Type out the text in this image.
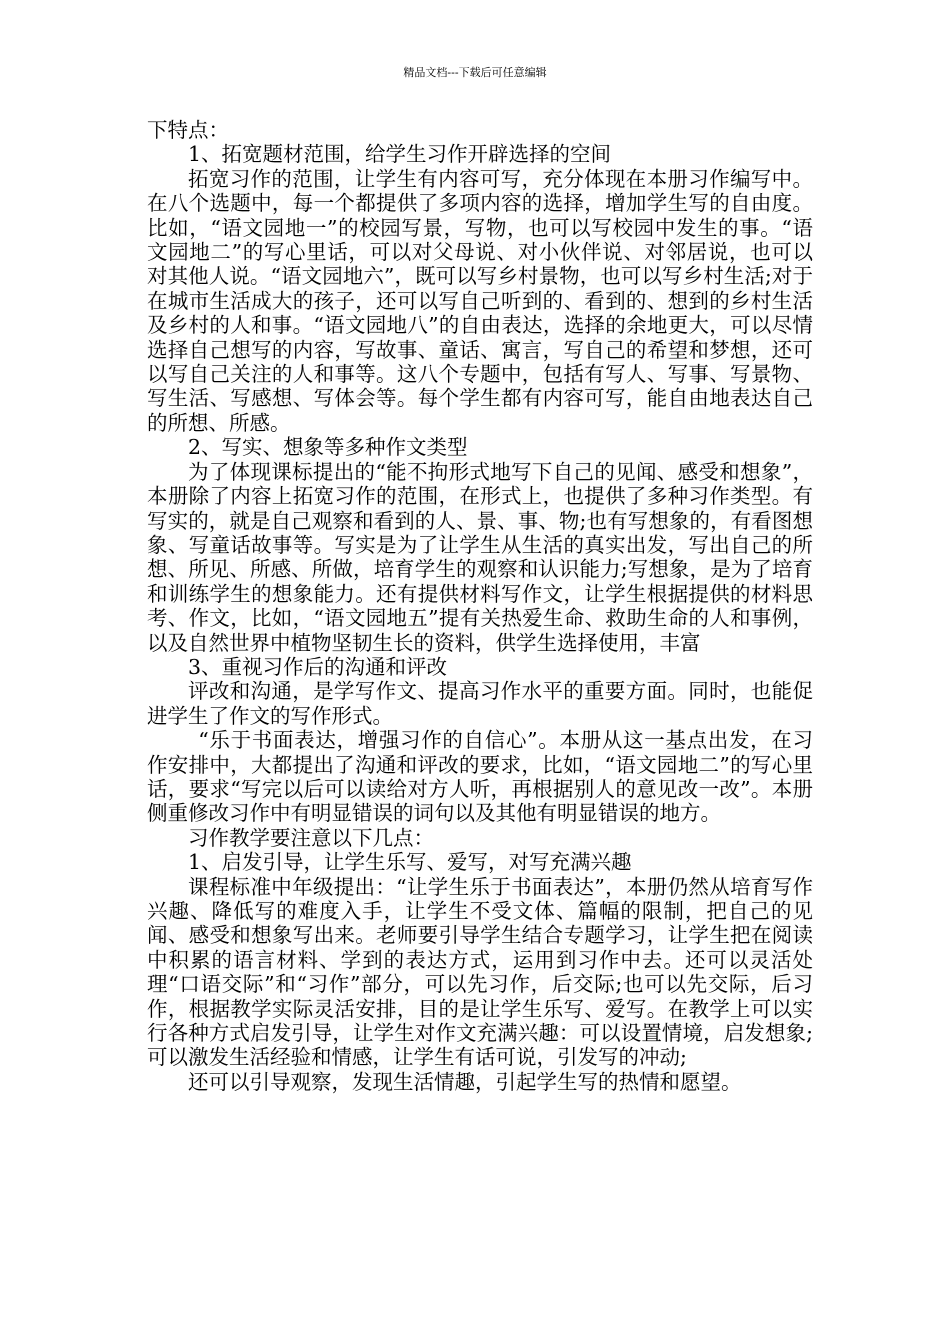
精品文档---下载后可任意编辑

下特点：

1、拓宽题材范围，给学生习作开辟选择的空间

拓宽习作的范围，让学生有内容可写，充分体现在本册习作编写中。在八个选题中，每一个都提供了多项内容的选择，增加学生写的自由度。比如，“语文园地一”的校园写景，写物，也可以写校园中发生的事。“语文园地二”的写心里话，可以对父母说、对小伙伴说、对邻居说，也可以对其他人说。“语文园地六”，既可以写乡村景物，也可以写乡村生活;对于在城市生活成大的孩子，还可以写自己听到的、看到的、想到的乡村生活及乡村的人和事。“语文园地八”的自由表达，选择的余地更大，可以尽情选择自己想写的内容，写故事、童话、寓言，写自己的希望和梦想，还可以写自己关注的人和事等。这八个专题中，包括有写人、写事、写景物、写生活、写感想、写体会等。每个学生都有内容可写，能自由地表达自己的所想、所感。

2、写实、想象等多种作文类型

为了体现课标提出的“能不拘形式地写下自己的见闻、感受和想象”，本册除了内容上拓宽习作的范围，在形式上，也提供了多种习作类型。有写实的，就是自己观察和看到的人、景、事、物;也有写想象的，有看图想象、写童话故事等。写实是为了让学生从生活的真实出发，写出自己的所想、所见、所感、所做，培育学生的观察和认识能力;写想象，是为了培育和训练学生的想象能力。还有提供材料写作文，让学生根据提供的材料思考、作文，比如，“语文园地五”提有关热爱生命、救助生命的人和事例，以及自然世界中植物坚韧生长的资料，供学生选择使用，丰富

3、重视习作后的沟通和评改

评改和沟通，是学写作文、提高习作水平的重要方面。同时，也能促进学生了作文的写作形式。

“乐于书面表达，增强习作的自信心”。本册从这一基点出发，在习作安排中，大都提出了沟通和评改的要求，比如，“语文园地二”的写心里话，要求“写完以后可以读给对方人听，再根据别人的意见改一改”。本册侧重修改习作中有明显错误的词句以及其他有明显错误的地方。

习作教学要注意以下几点：

1、启发引导，让学生乐写、爱写，对写充满兴趣

课程标准中年级提出：“让学生乐于书面表达”，本册仍然从培育写作兴趣、降低写的难度入手，让学生不受文体、篇幅的限制，把自己的见闻、感受和想象写出来。老师要引导学生结合专题学习，让学生把在阅读中积累的语言材料、学到的表达方式，运用到习作中去。还可以灵活处理“口语交际”和“习作”部分，可以先习作，后交际;也可以先交际，后习作，根据教学实际灵活安排，目的是让学生乐写、爱写。在教学上可以实行各种方式启发引导，让学生对作文充满兴趣：可以设置情境，启发想象;可以激发生活经验和情感，让学生有话可说，引发写的冲动;

还可以引导观察，发现生活情趣，引起学生写的热情和愿望。
